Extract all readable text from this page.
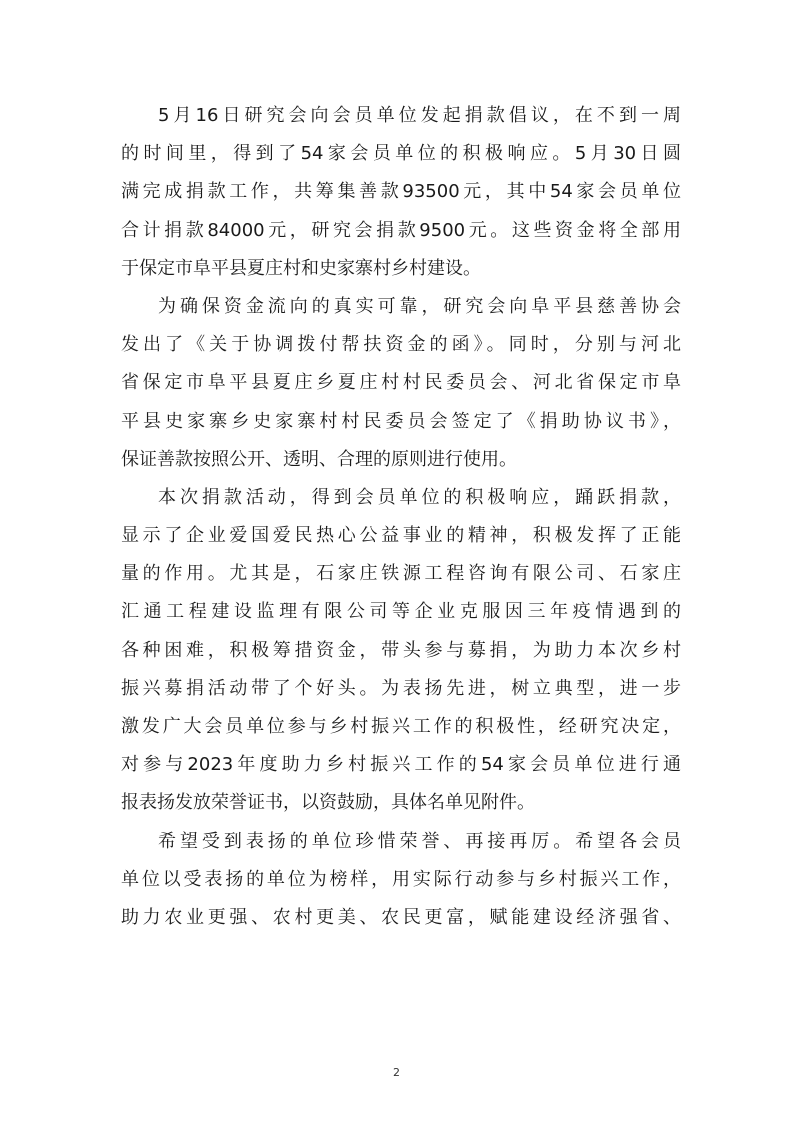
5月16日研究会向会员单位发起捐款倡议，在不到一周
的时间里，得到了54家会员单位的积极响应。5月30日圆
满完成捐款工作，共筹集善款93500元，其中54家会员单位
合计捐款84000元，研究会捐款9500元。这些资金将全部用
于保定市阜平县夏庄村和史家寨村乡村建设。
为确保资金流向的真实可靠，研究会向阜平县慈善协会
发出了《关于协调拨付帮扶资金的函》。同时，分别与河北
省保定市阜平县夏庄乡夏庄村村民委员会、河北省保定市阜
平县史家寨乡史家寨村村民委员会签定了《捐助协议书》，
保证善款按照公开、透明、合理的原则进行使用。
本次捐款活动，得到会员单位的积极响应，踊跃捐款，
显示了企业爱国爱民热心公益事业的精神，积极发挥了正能
量的作用。尤其是，石家庄铁源工程咨询有限公司、石家庄
汇通工程建设监理有限公司等企业克服因三年疫情遇到的
各种困难，积极筹措资金，带头参与募捐，为助力本次乡村
振兴募捐活动带了个好头。为表扬先进，树立典型，进一步
激发广大会员单位参与乡村振兴工作的积极性，经研究决定，
对参与2023年度助力乡村振兴工作的54家会员单位进行通
报表扬发放荣誉证书，以资鼓励，具体名单见附件。
希望受到表扬的单位珍惜荣誉、再接再厉。希望各会员
单位以受表扬的单位为榜样，用实际行动参与乡村振兴工作，
助力农业更强、农村更美、农民更富，赋能建设经济强省、
2
